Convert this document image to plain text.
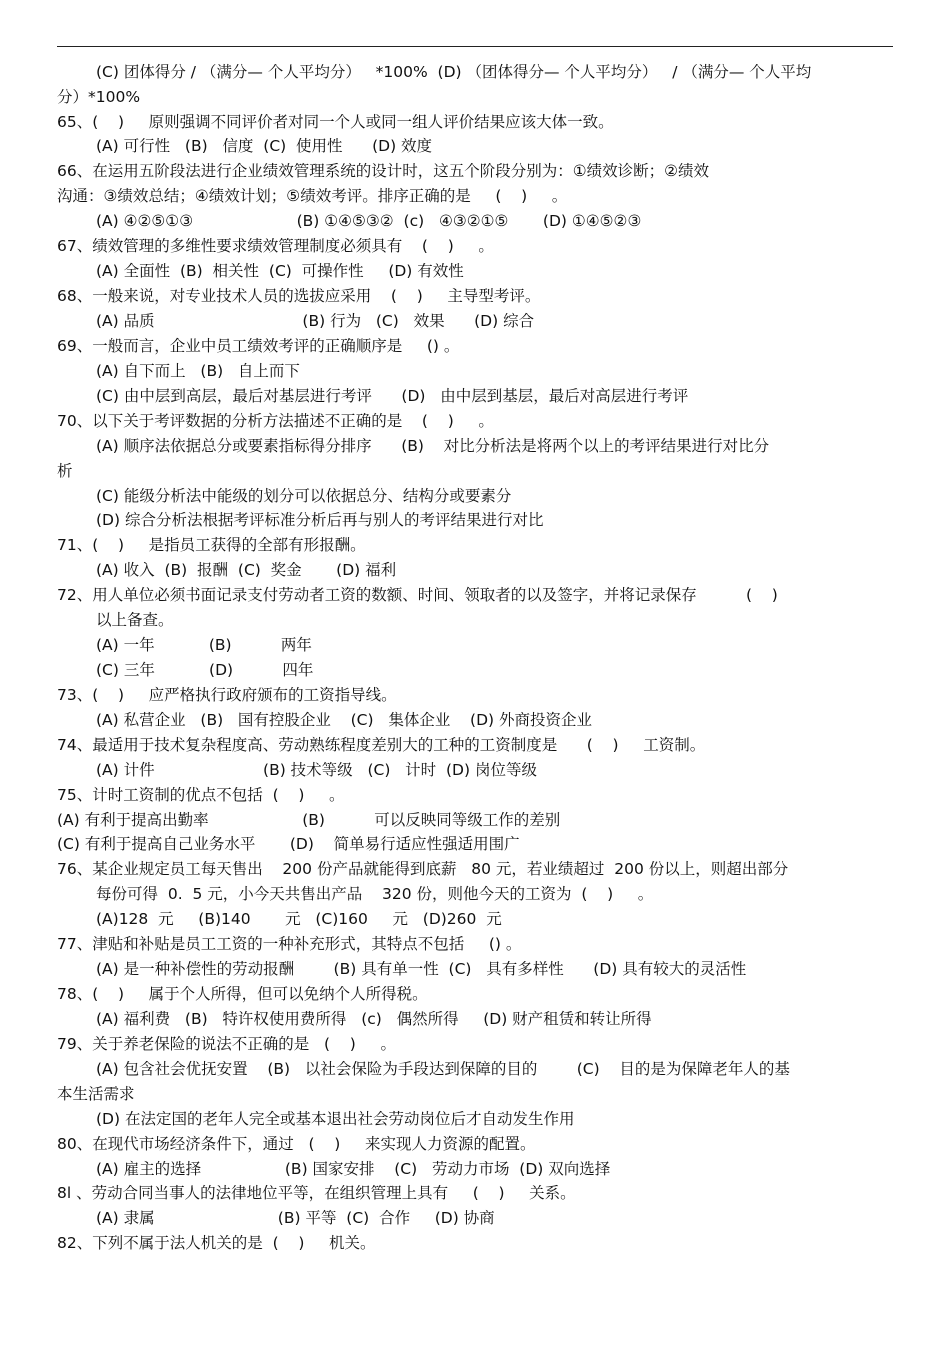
(C) 团体得分 / （满分— 个人平均分）   *100%  (D) （团体得分— 个人平均分）   / （满分— 个人平均
分）*100%
65、(    )     原则强调不同评价者对同一个人或同一组人评价结果应该大体一致。
(A) 可行性   (B)   信度  (C)  使用性      (D) 效度
66、在运用五阶段法进行企业绩效管理系统的设计时，这五个阶段分别为：①绩效诊断；②绩效
沟通：③绩效总结；④绩效计划；⑤绩效考评。排序正确的是     (    )     。
(A) ④②⑤①③                     (B) ①④⑤③②  (c)   ④③②①⑤       (D) ①④⑤②③
67、绩效管理的多维性要求绩效管理制度必须具有    (    )     。
(A) 全面性  (B)  相关性  (C)  可操作性     (D) 有效性
68、一般来说，对专业技术人员的选拔应采用    (    )     主导型考评。
(A) 品质                              (B) 行为   (C)   效果      (D) 综合
69、一般而言，企业中员工绩效考评的正确顺序是     () 。
(A) 自下而上   (B)   自上而下
(C) 由中层到高层，最后对基层进行考评      (D)   由中层到基层，最后对高层进行考评
70、以下关于考评数据的分析方法描述不正确的是    (    )     。
(A) 顺序法依据总分或要素指标得分排序      (B)    对比分析法是将两个以上的考评结果进行对比分
析
(C) 能级分析法中能级的划分可以依据总分、结构分或要素分
(D) 综合分析法根据考评标准分析后再与别人的考评结果进行对比
71、(    )     是指员工获得的全部有形报酬。
(A) 收入  (B)  报酬  (C)  奖金       (D) 福利
72、用人单位必须书面记录支付劳动者工资的数额、时间、领取者的以及签字，并将记录保存          (    )
以上备查。
(A) 一年           (B)          两年
(C) 三年           (D)          四年
73、(    )     应严格执行政府颁布的工资指导线。
(A) 私营企业   (B)   国有控股企业    (C)   集体企业    (D) 外商投资企业
74、最适用于技术复杂程度高、劳动熟练程度差别大的工种的工资制度是      (    )     工资制。
(A) 计件                      (B) 技术等级   (C)   计时  (D) 岗位等级
75、计时工资制的优点不包括  (    )     。
(A) 有利于提高出勤率                   (B)          可以反映同等级工作的差别
(C) 有利于提高自己业务水平       (D)    简单易行适应性强适用围广
76、某企业规定员工每天售出    200 份产品就能得到底薪   80 元，若业绩超过  200 份以上，则超出部分
每份可得  0.  5 元，小今天共售出产品    320 份，则他今天的工资为  (    )     。
(A)128  元     (B)140       元   (C)160     元   (D)260  元
77、津贴和补贴是员工工资的一种补充形式，其特点不包括     () 。
(A) 是一种补偿性的劳动报酬        (B) 具有单一性  (C)   具有多样性      (D) 具有较大的灵活性
78、(    )     属于个人所得，但可以免纳个人所得税。
(A) 福利费   (B)   特许权使用费所得   (c)   偶然所得     (D) 财产租赁和转让所得
79、关于养老保险的说法不正确的是   (    )     。
(A) 包含社会优抚安置    (B)   以社会保险为手段达到保障的目的        (C)    目的是为保障老年人的基
本生活需求
(D) 在法定国的老年人完全或基本退出社会劳动岗位后才自动发生作用
80、在现代市场经济条件下，通过   (    )     来实现人力资源的配置。
(A) 雇主的选择                 (B) 国家安排    (C)   劳动力市场  (D) 双向选择
8l 、劳动合同当事人的法律地位平等，在组织管理上具有     (    )     关系。
(A) 隶属                         (B) 平等  (C)  合作     (D) 协商
82、下列不属于法人机关的是  (    )     机关。
